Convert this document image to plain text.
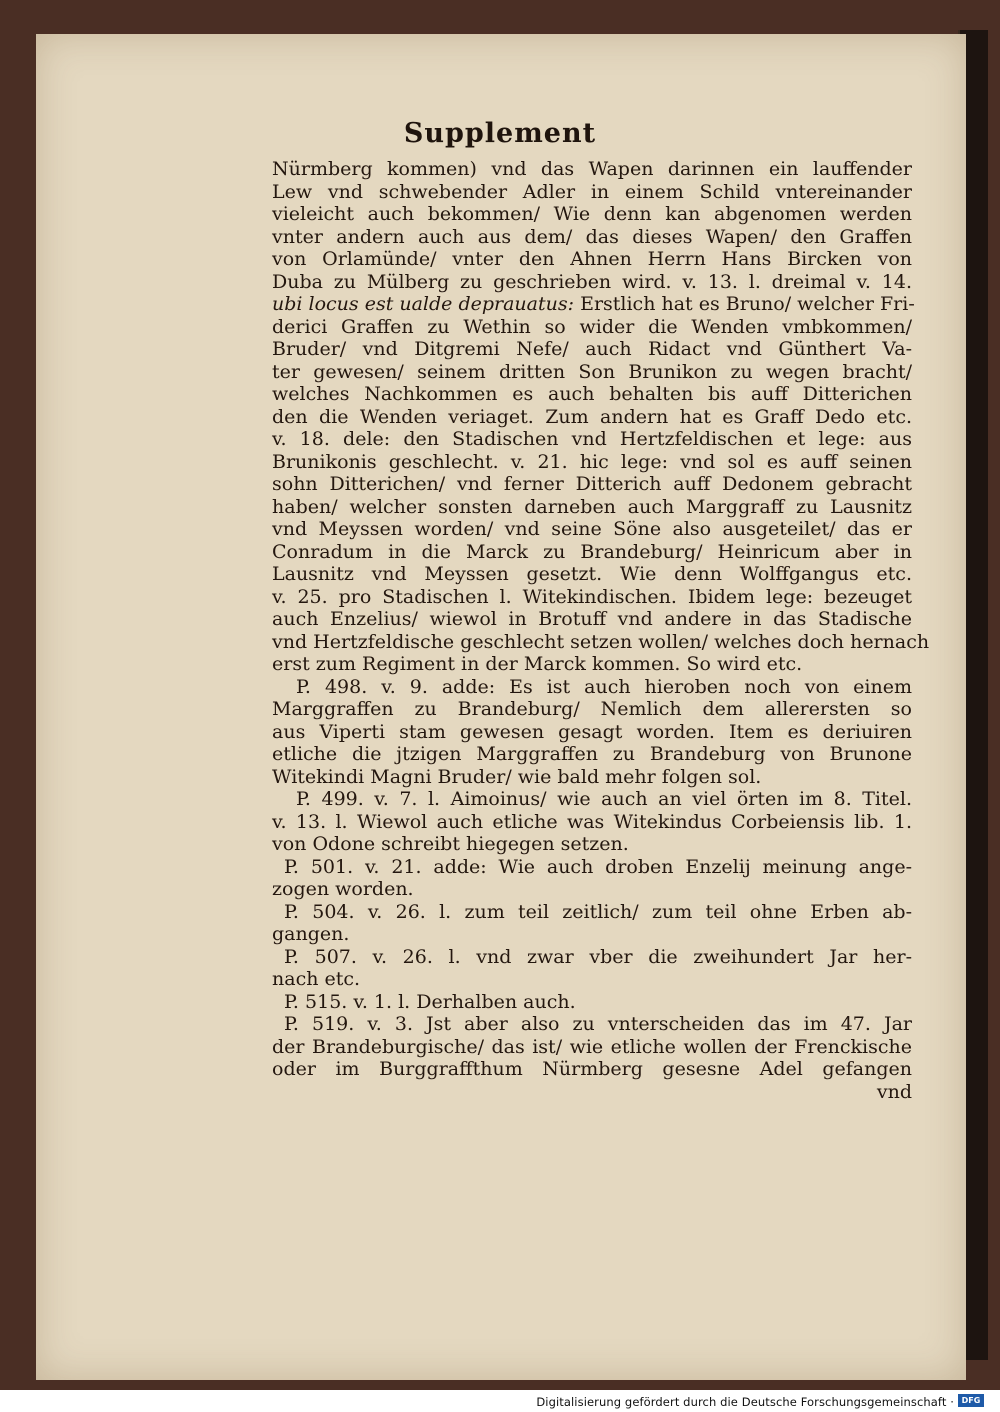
Supplement
Nürmberg kommen) vnd das Wapen darinnen ein lauffender
Lew vnd schwebender Adler in einem Schild vntereinander
vieleicht auch bekommen/ Wie denn kan abgenomen werden
vnter andern auch aus dem/ das dieses Wapen/ den Graffen
von Orlamünde/ vnter den Ahnen Herrn Hans Bircken von
Duba zu Mülberg zu geschrieben wird. v. 13. l. dreimal v. 14.
ubi locus est ualde deprauatus: Erstlich hat es Bruno/ welcher Fri-
derici Graffen zu Wethin so wider die Wenden vmbkommen/
Bruder/ vnd Ditgremi Nefe/ auch Ridact vnd Günthert Va-
ter gewesen/ seinem dritten Son Brunikon zu wegen bracht/
welches Nachkommen es auch behalten bis auff Ditterichen
den die Wenden veriaget. Zum andern hat es Graff Dedo etc.
v. 18. dele: den Stadischen vnd Hertzfeldischen et lege: aus
Brunikonis geschlecht. v. 21. hic lege: vnd sol es auff seinen
sohn Ditterichen/ vnd ferner Ditterich auff Dedonem gebracht
haben/ welcher sonsten darneben auch Marggraff zu Lausnitz
vnd Meyssen worden/ vnd seine Söne also ausgeteilet/ das er
Conradum in die Marck zu Brandeburg/ Heinricum aber in
Lausnitz vnd Meyssen gesetzt. Wie denn Wolffgangus etc.
v. 25. pro Stadischen l. Witekindischen. Ibidem lege: bezeuget
auch Enzelius/ wiewol in Brotuff vnd andere in das Stadische
vnd Hertzfeldische geschlecht setzen wollen/ welches doch hernach
erst zum Regiment in der Marck kommen. So wird etc.
P. 498. v. 9. adde: Es ist auch hieroben noch von einem
Marggraffen zu Brandeburg/ Nemlich dem allerersten so
aus Viperti stam gewesen gesagt worden. Item es deriuiren
etliche die jtzigen Marggraffen zu Brandeburg von Brunone
Witekindi Magni Bruder/ wie bald mehr folgen sol.
P. 499. v. 7. l. Aimoinus/ wie auch an viel örten im 8. Titel.
v. 13. l. Wiewol auch etliche was Witekindus Corbeiensis lib. 1.
von Odone schreibt hiegegen setzen.
P. 501. v. 21. adde: Wie auch droben Enzelij meinung ange-
zogen worden.
P. 504. v. 26. l. zum teil zeitlich/ zum teil ohne Erben ab-
gangen.
P. 507. v. 26. l. vnd zwar vber die zweihundert Jar her-
nach etc.
P. 515. v. 1. l. Derhalben auch.
P. 519. v. 3. Jst aber also zu vnterscheiden das im 47. Jar
der Brandeburgische/ das ist/ wie etliche wollen der Frenckische
oder im Burggraffthum Nürmberg gesesne Adel gefangen
vnd
Digitalisierung gefördert durch die Deutsche Forschungsgemeinschaft · DFG
